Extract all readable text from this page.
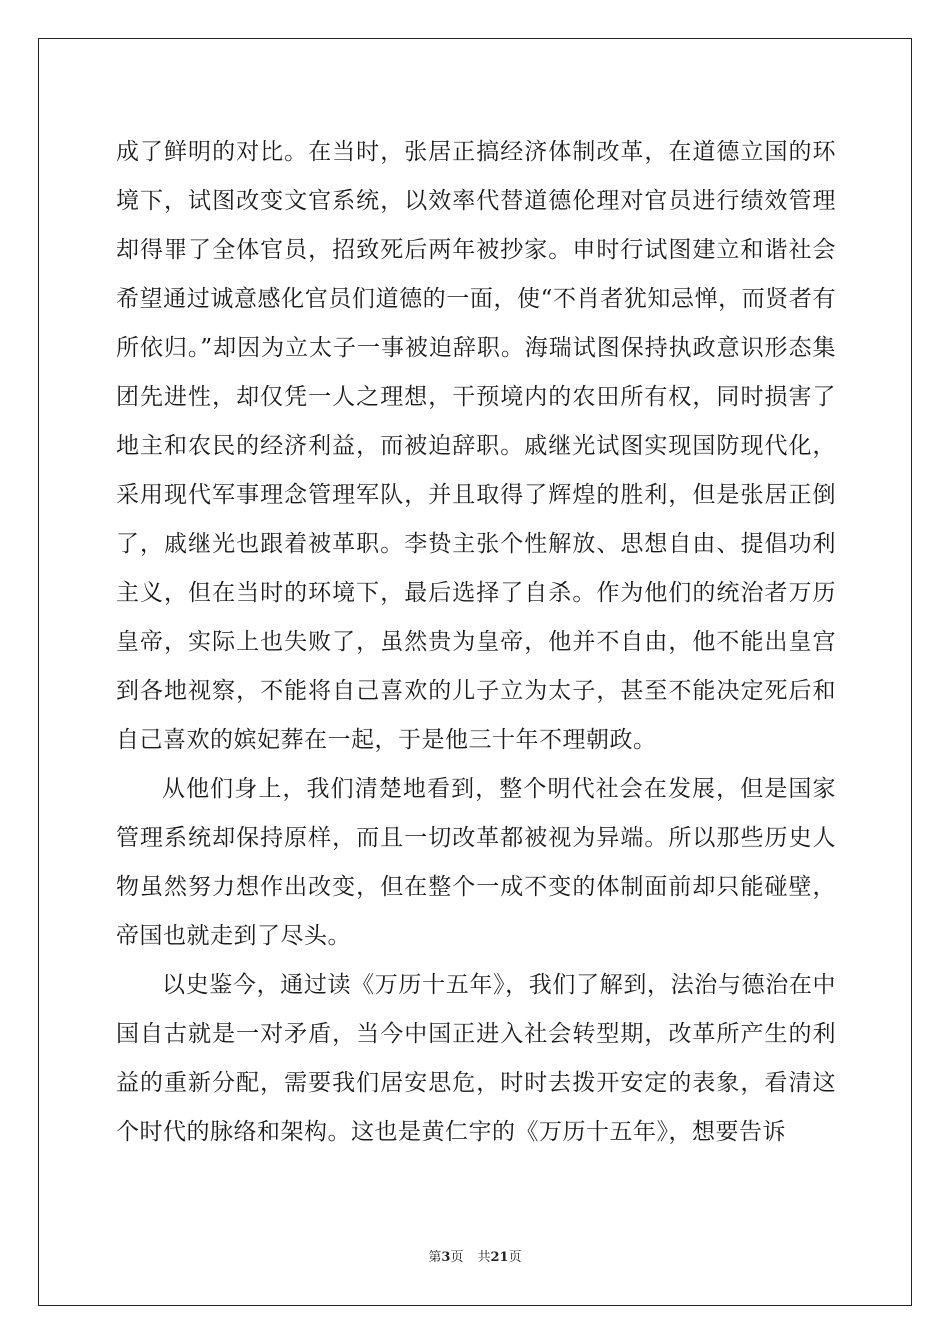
成了鲜明的对比。在当时，张居正搞经济体制改革，在道德立国的环境下，试图改变文官系统，以效率代替道德伦理对官员进行绩效管理却得罪了全体官员，招致死后两年被抄家。申时行试图建立和谐社会希望通过诚意感化官员们道德的一面，使“不肖者犹知忌惮，而贤者有所依归。”却因为立太子一事被迫辞职。海瑞试图保持执政意识形态集团先进性，却仅凭一人之理想，干预境内的农田所有权，同时损害了地主和农民的经济利益，而被迫辞职。戚继光试图实现国防现代化，采用现代军事理念管理军队，并且取得了辉煌的胜利，但是张居正倒了，戚继光也跟着被革职。李贽主张个性解放、思想自由、提倡功利主义，但在当时的环境下，最后选择了自杀。作为他们的统治者万历皇帝，实际上也失败了，虽然贵为皇帝，他并不自由，他不能出皇宫到各地视察，不能将自己喜欢的儿子立为太子，甚至不能决定死后和自己喜欢的嫔妃葬在一起，于是他三十年不理朝政。

从他们身上，我们清楚地看到，整个明代社会在发展，但是国家管理系统却保持原样，而且一切改革都被视为异端。所以那些历史人物虽然努力想作出改变，但在整个一成不变的体制面前却只能碰壁，帝国也就走到了尽头。

以史鉴今，通过读《万历十五年》，我们了解到，法治与德治在中国自古就是一对矛盾，当今中国正进入社会转型期，改革所产生的利益的重新分配，需要我们居安思危，时时去拨开安定的表象，看清这个时代的脉络和架构。这也是黄仁宇的《万历十五年》，想要告诉

第3页 共21页
